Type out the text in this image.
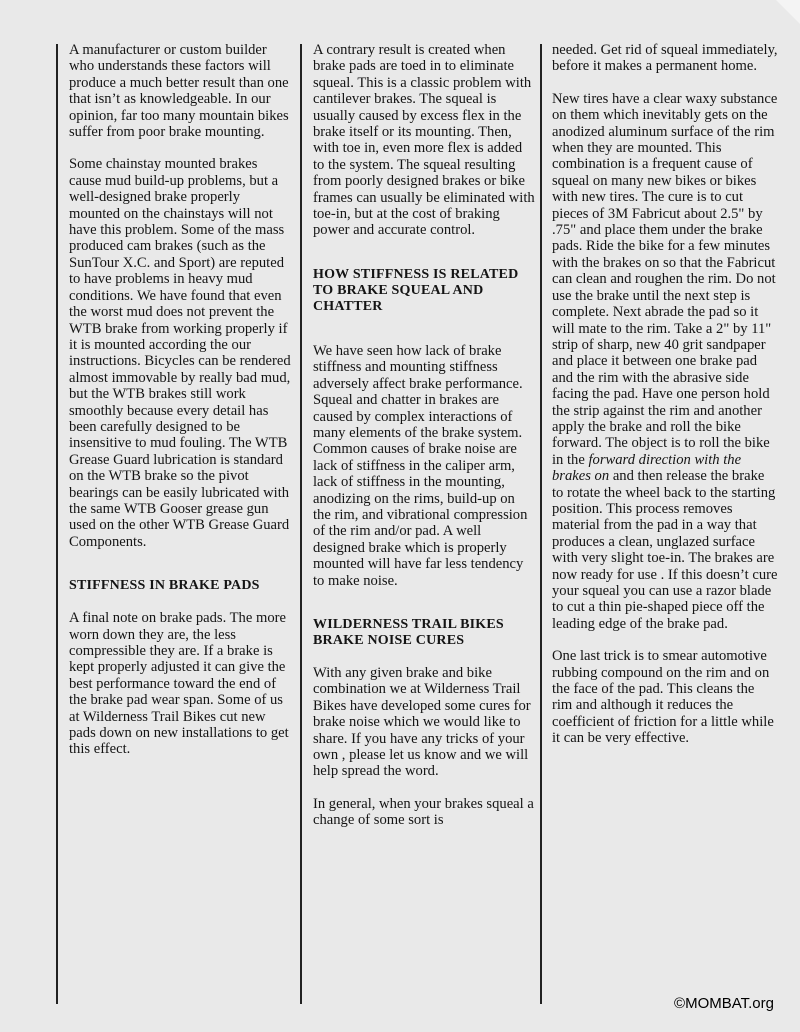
A manufacturer or custom builder who understands these factors will produce a much better result than one that isn’t as knowledgeable. In our opinion, far too many mountain bikes suffer from poor brake mounting.

Some chainstay mounted brakes cause mud build-up problems, but a well-designed brake properly mounted on the chainstays will not have this problem. Some of the mass produced cam brakes (such as the SunTour X.C. and Sport) are reputed to have problems in heavy mud conditions. We have found that even the worst mud does not prevent the WTB brake from working properly if it is mounted according the our instructions. Bicycles can be rendered almost immovable by really bad mud, but the WTB brakes still work smoothly because every detail has been carefully designed to be insensitive to mud fouling. The WTB Grease Guard lubrication is standard on the WTB brake so the pivot bearings can be easily lubricated with the same WTB Gooser grease gun used on the other WTB Grease Guard Components.

STIFFNESS IN BRAKE PADS

A final note on brake pads. The more worn down they are, the less compressible they are. If a brake is kept properly adjusted it can give the best performance toward the end of the brake pad wear span. Some of us at Wilderness Trail Bikes cut new pads down on new installations to get this effect.

A contrary result is created when brake pads are toed in to eliminate squeal. This is a classic problem with cantilever brakes. The squeal is usually caused by excess flex in the brake itself or its mounting. Then, with toe in, even more flex is added to the system. The squeal resulting from poorly designed brakes or bike frames can usually be eliminated with toe-in, but at the cost of braking power and accurate control.

HOW STIFFNESS IS RELATED
TO BRAKE SQUEAL AND
CHATTER

We have seen how lack of brake stiffness and mounting stiffness adversely affect brake performance. Squeal and chatter in brakes are caused by complex interactions of many elements of the brake system. Common causes of brake noise are lack of stiffness in the caliper arm, lack of stiffness in the mounting, anodizing on the rims, build-up on the rim, and vibrational compression of the rim and/or pad. A well designed brake which is properly mounted will have far less tendency to make noise.

WILDERNESS TRAIL BIKES
BRAKE NOISE CURES

With any given brake and bike combination we at Wilderness Trail Bikes have developed some cures for brake noise which we would like to share. If you have any tricks of your own , please let us know and we will help spread the word.

In general, when your brakes squeal a change of some sort is

needed. Get rid of squeal immediately, before it makes a permanent home.

New tires have a clear waxy substance on them which inevitably gets on the anodized aluminum surface of the rim when they are mounted. This combination is a frequent cause of squeal on many new bikes or bikes with new tires. The cure is to cut pieces of 3M Fabricut about 2.5" by .75" and place them under the brake pads. Ride the bike for a few minutes with the brakes on so that the Fabricut can clean and roughen the rim. Do not use the brake until the next step is complete. Next abrade the pad so it will mate to the rim. Take a 2" by 11" strip of sharp, new 40 grit sandpaper and place it between one brake pad and the rim with the abrasive side facing the pad. Have one person hold the strip against the rim and another apply the brake and roll the bike forward. The object is to roll the bike in the forward direction with the brakes on and then release the brake to rotate the wheel back to the starting position. This process removes material from the pad in a way that produces a clean, unglazed surface with very slight toe-in. The brakes are now ready for use . If this doesn’t cure your squeal you can use a razor blade to cut a thin pie-shaped piece off the leading edge of the brake pad.

One last trick is to smear automotive rubbing compound on the rim and on the face of the pad. This cleans the rim and although it reduces the coefficient of friction for a little while it can be very effective.

©MOMBAT.org
